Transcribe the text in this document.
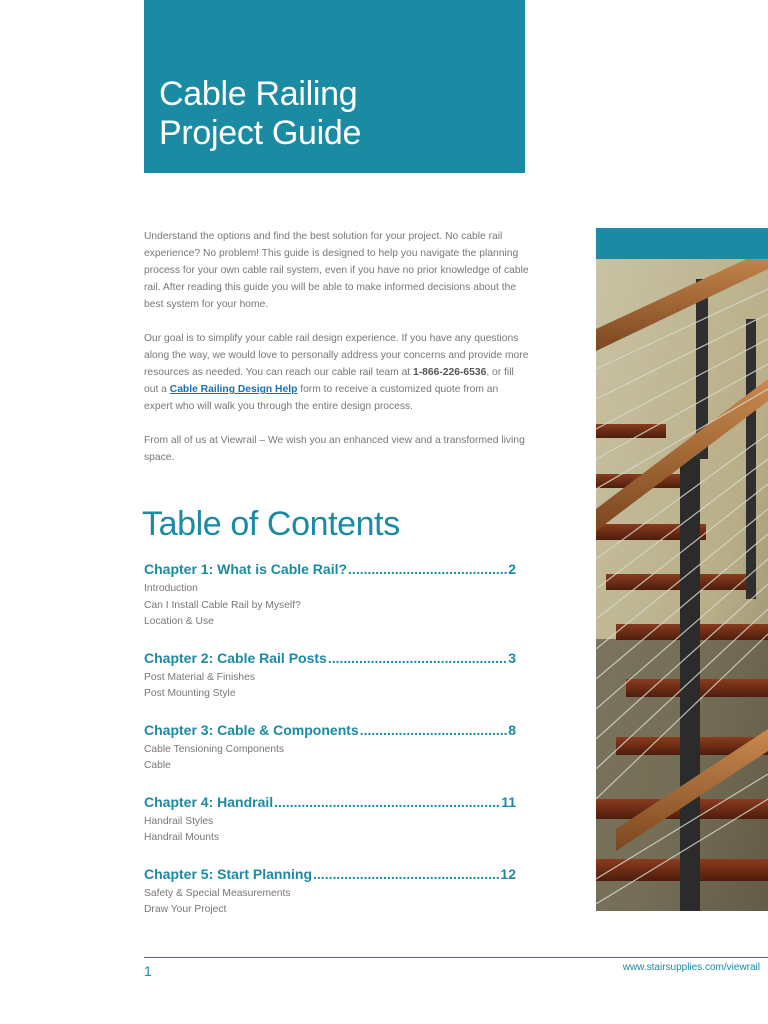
Cable Railing
Project Guide

Understand the options and find the best solution for your project. No cable rail experience? No problem! This guide is designed to help you navigate the planning process for your own cable rail system, even if you have no prior knowledge of cable rail. After reading this guide you will be able to make informed decisions about the best system for your home.

Our goal is to simplify your cable rail design experience. If you have any questions along the way, we would love to personally address your concerns and provide more resources as needed. You can reach our cable rail team at 1-866-226-6536, or fill out a Cable Railing Design Help form to receive a customized quote from an expert who will walk you through the entire design process.

From all of us at Viewrail – We wish you an enhanced view and a transformed living space.

Table of Contents
Chapter 1: What is Cable Rail? .....	2
Introduction
Can I Install Cable Rail by Myself?
Location & Use
Chapter 2: Cable Rail Posts .....	3
Post Material & Finishes
Post Mounting Style
Chapter 3: Cable & Components .....	8
Cable Tensioning Components
Cable
Chapter 4: Handrail .....	11
Handrail Styles
Handrail Mounts
Chapter 5: Start Planning .....	12
Safety & Special Measurements
Draw Your Project
1	www.stairsupplies.com/viewrail
